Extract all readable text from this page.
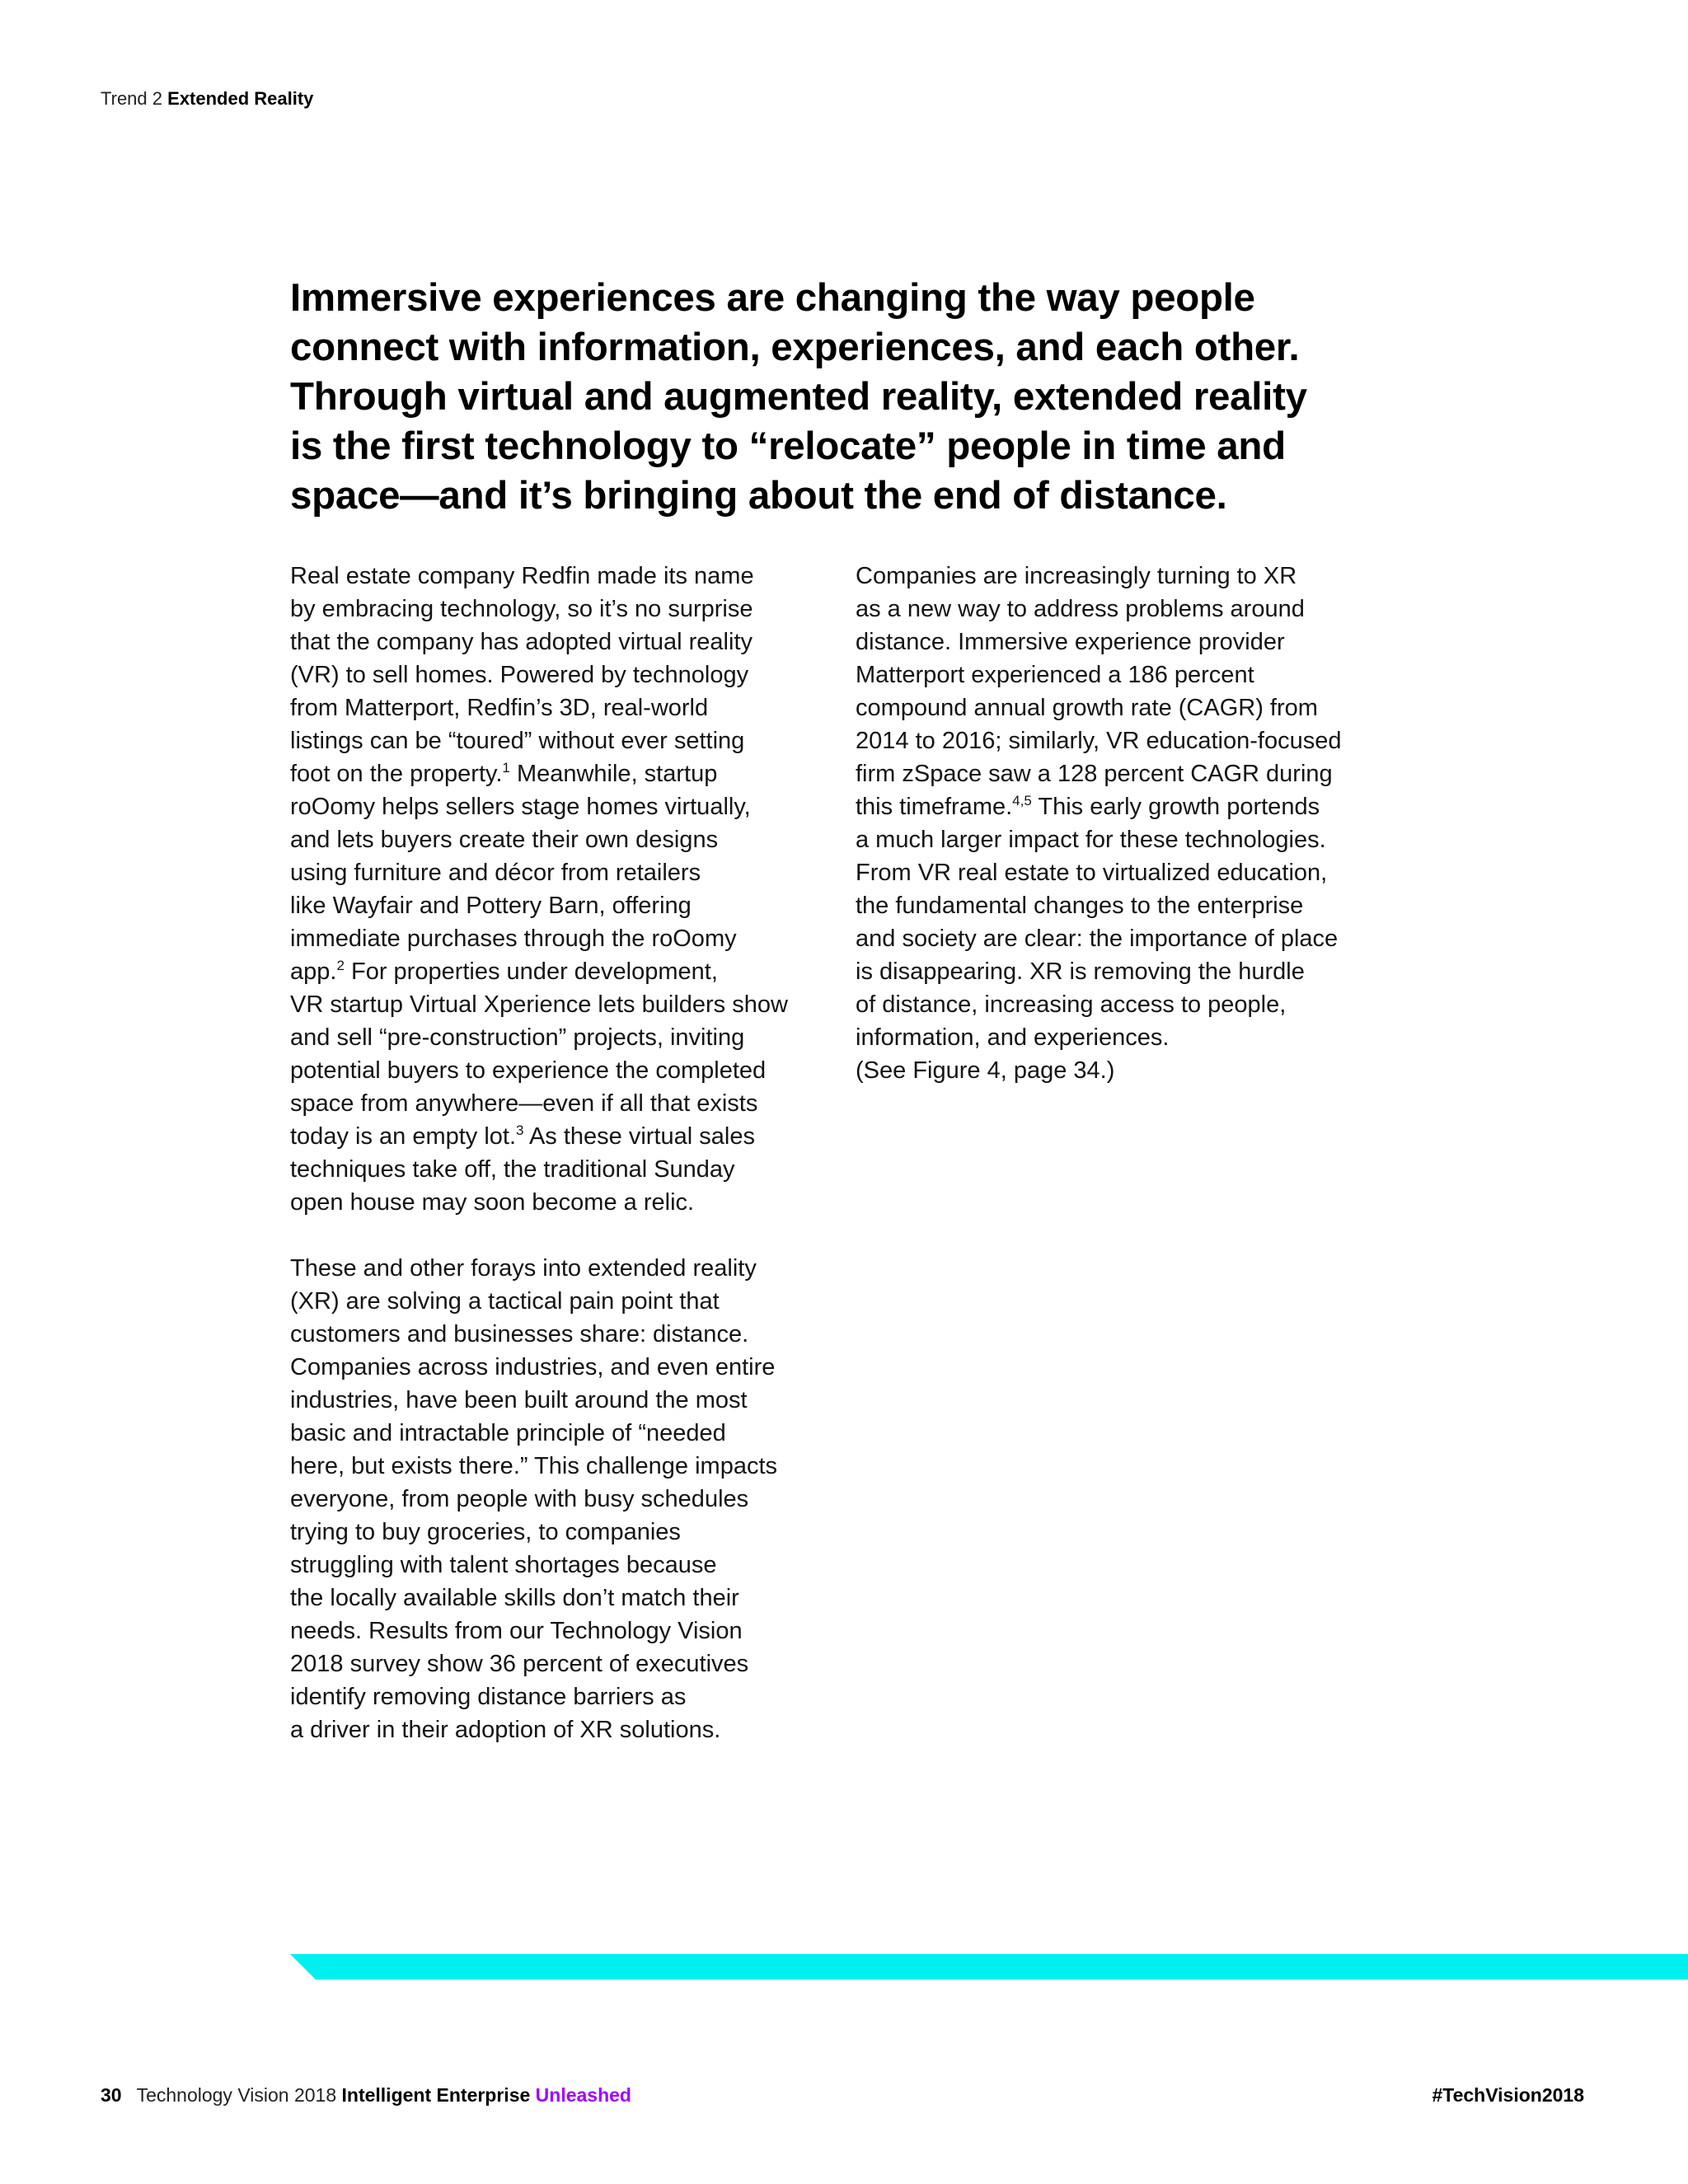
Trend 2 Extended Reality
Immersive experiences are changing the way people
connect with information, experiences, and each other.
Through virtual and augmented reality, extended reality
is the first technology to “relocate” people in time and
space—and it’s bringing about the end of distance.

Real estate company Redfin made its name
by embracing technology, so it’s no surprise
that the company has adopted virtual reality
(VR) to sell homes. Powered by technology
from Matterport, Redfin’s 3D, real-world
listings can be “toured” without ever setting
foot on the property.$^1$ Meanwhile, startup
roOomy helps sellers stage homes virtually,
and lets buyers create their own designs
using furniture and décor from retailers
like Wayfair and Pottery Barn, offering
immediate purchases through the roOomy
app.$^2$ For properties under development,
VR startup Virtual Xperience lets builders show
and sell “pre-construction” projects, inviting
potential buyers to experience the completed
space from anywhere—even if all that exists
today is an empty lot.$^3$ As these virtual sales
techniques take off, the traditional Sunday
open house may soon become a relic.

These and other forays into extended reality
(XR) are solving a tactical pain point that
customers and businesses share: distance.
Companies across industries, and even entire
industries, have been built around the most
basic and intractable principle of “needed
here, but exists there.” This challenge impacts
everyone, from people with busy schedules
trying to buy groceries, to companies
struggling with talent shortages because
the locally available skills don’t match their
needs. Results from our Technology Vision
2018 survey show 36 percent of executives
identify removing distance barriers as
a driver in their adoption of XR solutions.

Companies are increasingly turning to XR
as a new way to address problems around
distance. Immersive experience provider
Matterport experienced a 186 percent
compound annual growth rate (CAGR) from
2014 to 2016; similarly, VR education-focused
firm zSpace saw a 128 percent CAGR during
this timeframe.$^{4,5}$ This early growth portends
a much larger impact for these technologies.
From VR real estate to virtualized education,
the fundamental changes to the enterprise
and society are clear: the importance of place
is disappearing. XR is removing the hurdle
of distance, increasing access to people,
information, and experiences.
(See Figure 4, page 34.)

30 Technology Vision 2018 Intelligent Enterprise Unleashed	#TechVision2018
